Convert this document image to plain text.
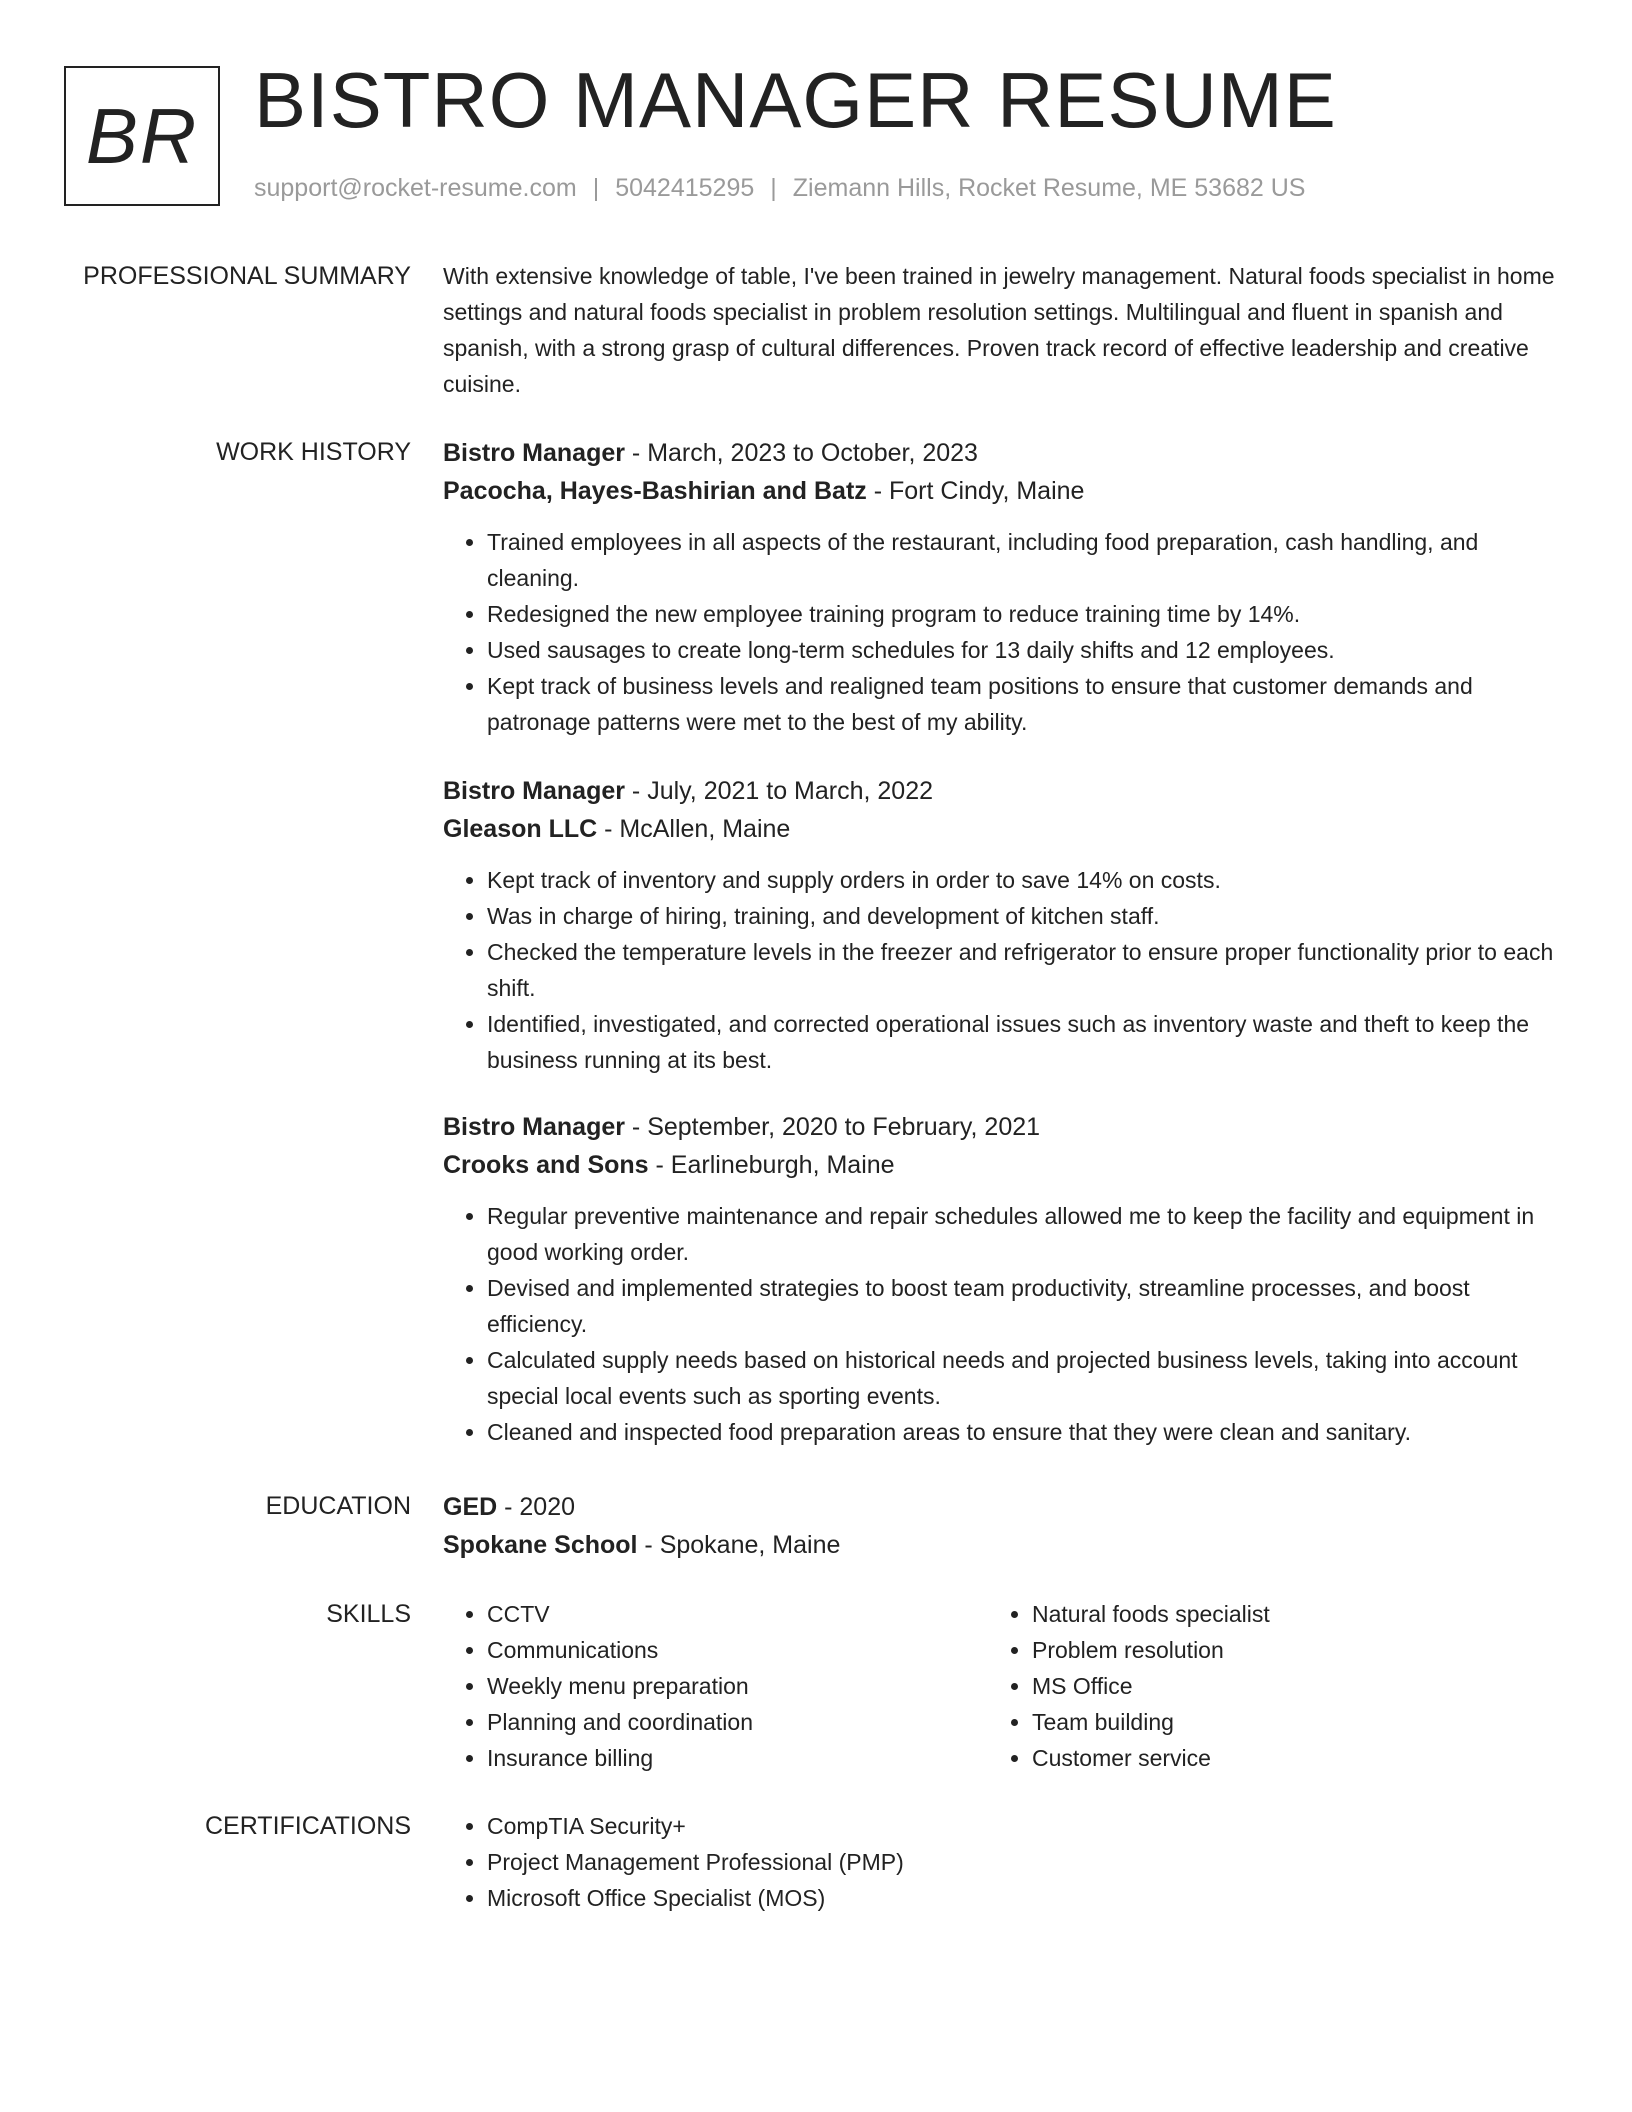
BR BISTRO MANAGER RESUME
support@rocket-resume.com | 5042415295 | Ziemann Hills, Rocket Resume, ME 53682 US
PROFESSIONAL SUMMARY With extensive knowledge of table, I've been trained in jewelry management. Natural foods specialist in home settings and natural foods specialist in problem resolution settings. Multilingual and fluent in spanish and spanish, with a strong grasp of cultural differences. Proven track record of effective leadership and creative cuisine.

WORK HISTORY Bistro Manager - March, 2023 to October, 2023
Pacocha, Hayes-Bashirian and Batz - Fort Cindy, Maine
• Trained employees in all aspects of the restaurant, including food preparation, cash handling, and cleaning.
• Redesigned the new employee training program to reduce training time by 14%.
• Used sausages to create long-term schedules for 13 daily shifts and 12 employees.
• Kept track of business levels and realigned team positions to ensure that customer demands and patronage patterns were met to the best of my ability.
Bistro Manager - July, 2021 to March, 2022
Gleason LLC - McAllen, Maine
• Kept track of inventory and supply orders in order to save 14% on costs.
• Was in charge of hiring, training, and development of kitchen staff.
• Checked the temperature levels in the freezer and refrigerator to ensure proper functionality prior to each shift.
• Identified, investigated, and corrected operational issues such as inventory waste and theft to keep the business running at its best.
Bistro Manager - September, 2020 to February, 2021
Crooks and Sons - Earlineburgh, Maine
• Regular preventive maintenance and repair schedules allowed me to keep the facility and equipment in good working order.
• Devised and implemented strategies to boost team productivity, streamline processes, and boost efficiency.
• Calculated supply needs based on historical needs and projected business levels, taking into account special local events such as sporting events.
• Cleaned and inspected food preparation areas to ensure that they were clean and sanitary.
EDUCATION GED - 2020
Spokane School - Spokane, Maine
SKILLS	• CCTV
• Communications
• Weekly menu preparation
• Planning and coordination
• Insurance billing
• Natural foods specialist
• Problem resolution
• MS Office
• Team building
• Customer service
CERTIFICATIONS	• CompTIA Security+
• Project Management Professional (PMP)
• Microsoft Office Specialist (MOS)
